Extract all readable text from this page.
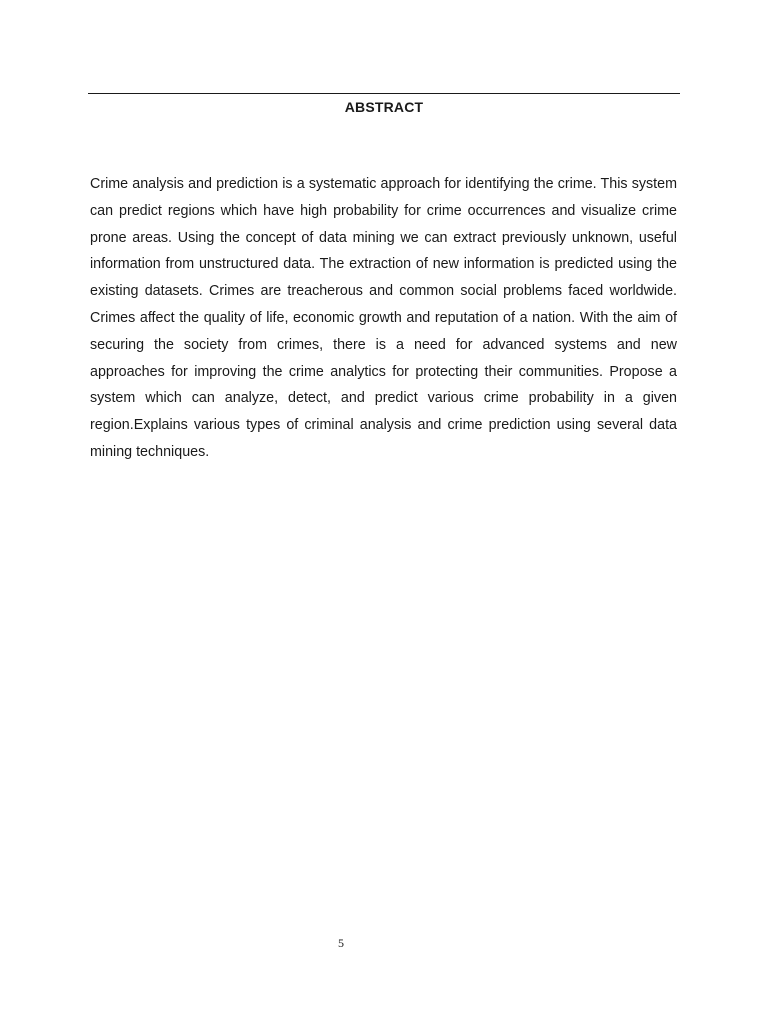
ABSTRACT

Crime analysis and prediction is a systematic approach for identifying the crime. This system can predict regions which have high probability for crime occurrences and visualize crime prone areas. Using the concept of data mining we can extract previously unknown, useful information from unstructured data. The extraction of new information is predicted using the existing datasets. Crimes are treacherous and common social problems faced worldwide. Crimes affect the quality of life, economic growth and reputation of a nation. With the aim of securing the society from crimes, there is a need for advanced systems and new approaches for improving the crime analytics for protecting their communities. Propose a system which can analyze, detect, and predict various crime probability in a given region.Explains various types of criminal analysis and crime prediction using several data mining techniques.

5
